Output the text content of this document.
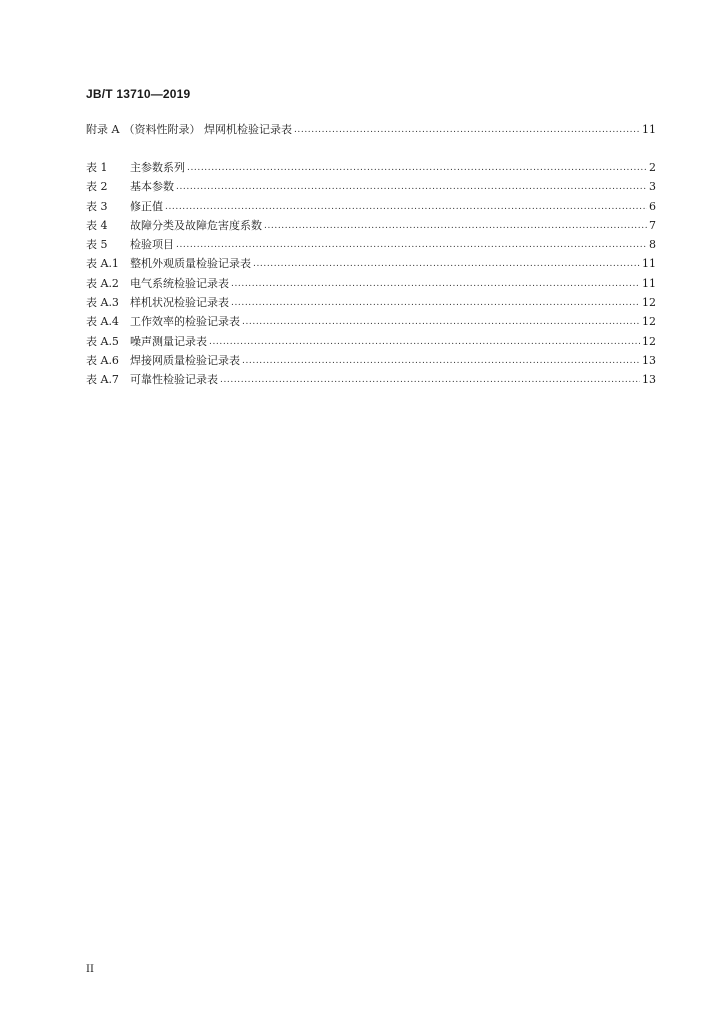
JB/T 13710—2019
附录 A （资料性附录） 焊网机检验记录表 .....	11
表 1	主参数系列 .....	2
表 2	基本参数 .....	3
表 3	修正值 .....	6
表 4	故障分类及故障危害度系数 .....	7
表 5	检验项目 .....	8
表 A.1	整机外观质量检验记录表 .....	11
表 A.2	电气系统检验记录表 .....	11
表 A.3	样机状况检验记录表 .....	12
表 A.4	工作效率的检验记录表 .....	12
表 A.5	噪声测量记录表 .....	12
表 A.6	焊接网质量检验记录表 .....	13
表 A.7	可靠性检验记录表 .....	13
II
